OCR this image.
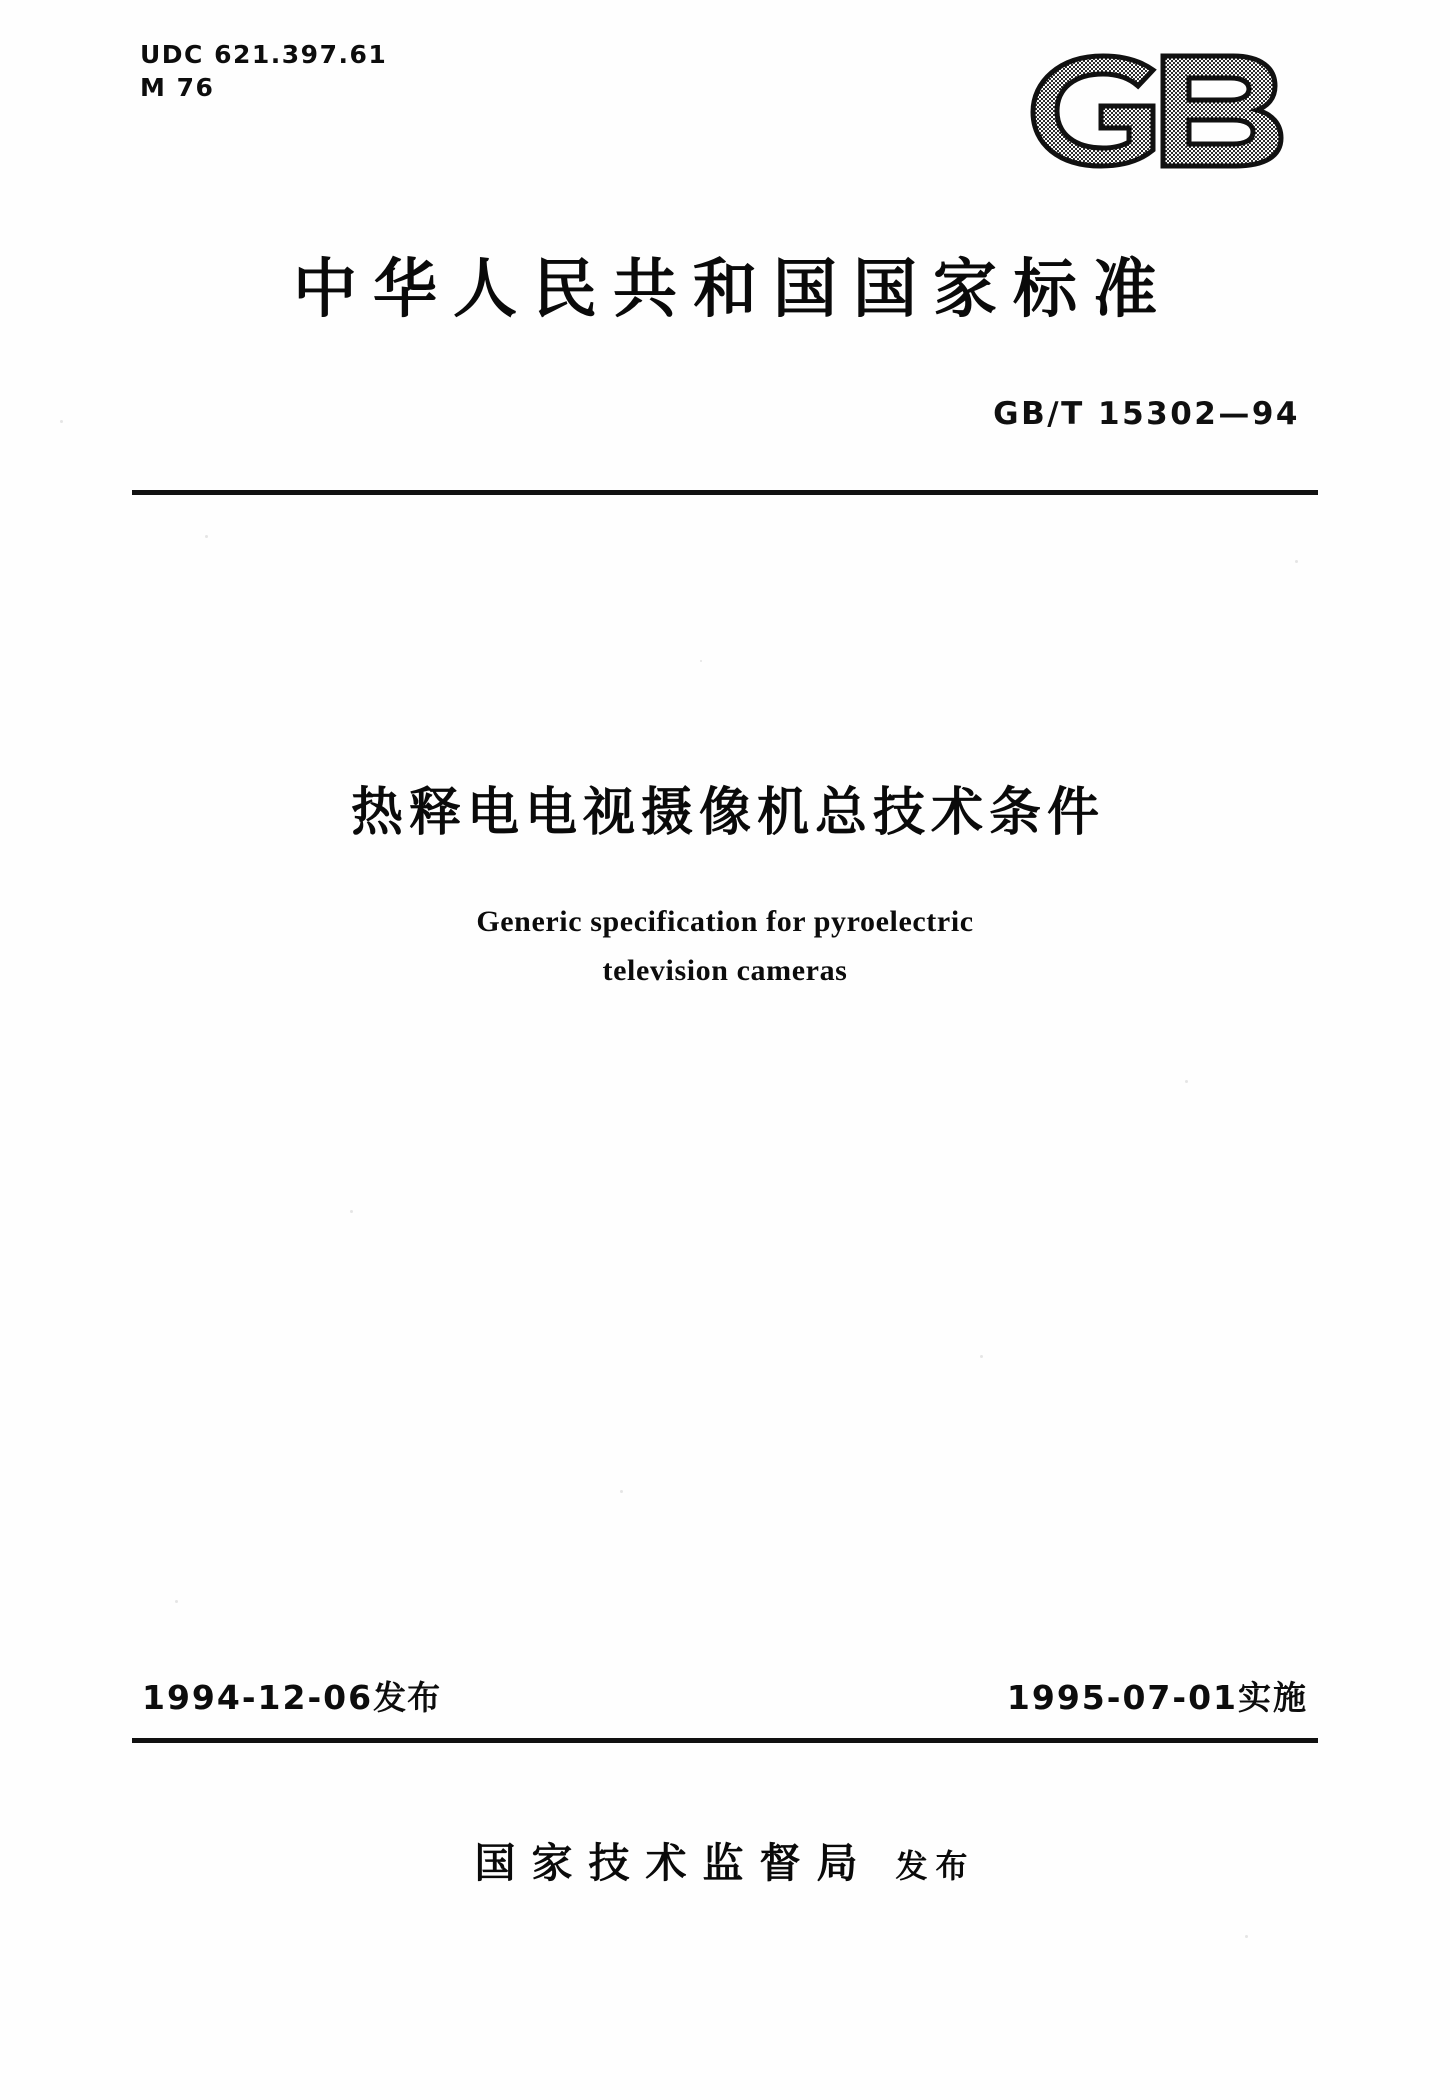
UDC 621.397.61
M 76
中华人民共和国国家标准
GB/T 15302—94
热释电电视摄像机总技术条件
Generic specification for pyroelectric
television cameras
1994-12-06发布	1995-07-01实施
国家技术监督局 发布
